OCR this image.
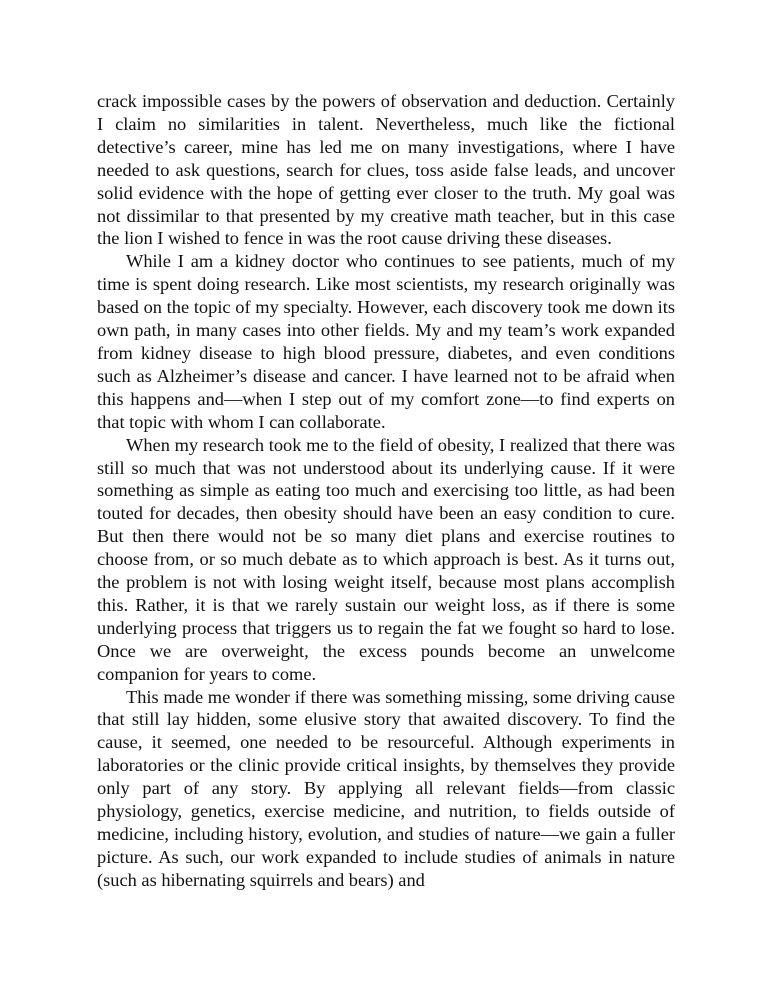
crack impossible cases by the powers of observation and deduction. Certainly I claim no similarities in talent. Nevertheless, much like the fictional detective’s career, mine has led me on many investigations, where I have needed to ask questions, search for clues, toss aside false leads, and uncover solid evidence with the hope of getting ever closer to the truth. My goal was not dissimilar to that presented by my creative math teacher, but in this case the lion I wished to fence in was the root cause driving these diseases.

While I am a kidney doctor who continues to see patients, much of my time is spent doing research. Like most scientists, my research originally was based on the topic of my specialty. However, each discovery took me down its own path, in many cases into other fields. My and my team’s work expanded from kidney disease to high blood pressure, diabetes, and even conditions such as Alzheimer’s disease and cancer. I have learned not to be afraid when this happens and—when I step out of my comfort zone—to find experts on that topic with whom I can collaborate.

When my research took me to the field of obesity, I realized that there was still so much that was not understood about its underlying cause. If it were something as simple as eating too much and exercising too little, as had been touted for decades, then obesity should have been an easy condition to cure. But then there would not be so many diet plans and exercise routines to choose from, or so much debate as to which approach is best. As it turns out, the problem is not with losing weight itself, because most plans accomplish this. Rather, it is that we rarely sustain our weight loss, as if there is some underlying process that triggers us to regain the fat we fought so hard to lose. Once we are overweight, the excess pounds become an unwelcome companion for years to come.

This made me wonder if there was something missing, some driving cause that still lay hidden, some elusive story that awaited discovery. To find the cause, it seemed, one needed to be resourceful. Although experiments in laboratories or the clinic provide critical insights, by themselves they provide only part of any story. By applying all relevant fields—from classic physiology, genetics, exercise medicine, and nutrition, to fields outside of medicine, including history, evolution, and studies of nature—we gain a fuller picture. As such, our work expanded to include studies of animals in nature (such as hibernating squirrels and bears) and
